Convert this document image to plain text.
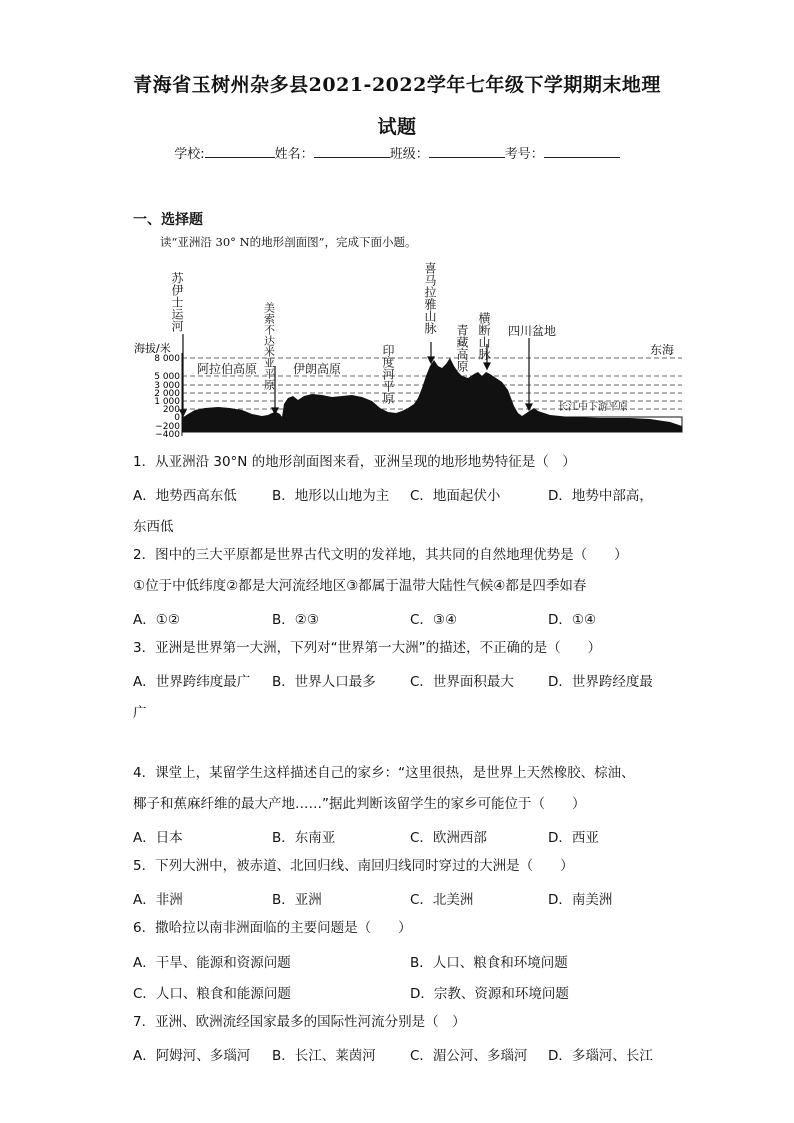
青海省玉树州杂多县2021-2022学年七年级下学期期末地理
试题
学校:	姓名：	班级：	考号：
一、选择题
读“亚洲沿 30° N的地形剖面图”，完成下面小题。
海拔/米
8 000
5 000
3 000
2 000
1 000
200
0
−200
−400
阿拉伯高原	伊朗高原
东海
长江中下游平原
四川盆地
苏伊士运河	美索不达米亚平原	印度河平原
喜马拉雅山脉
青藏高原 横断山脉
1．从亚洲沿 30°N 的地形剖面图来看，亚洲呈现的地形地势特征是（　）
A．地势西高东低	B．地形以山地为主 C．地面起伏小	D．地势中部高，
东西低
2．图中的三大平原都是世界古代文明的发祥地，其共同的自然地理优势是（　　）
①位于中低纬度②都是大河流经地区③都属于温带大陆性气候④都是四季如春
A．①②	B．②③	C．③④	D．①④
3．亚洲是世界第一大洲，下列对“世界第一大洲”的描述，不正确的是（　　）
A．世界跨纬度最广 B．世界人口最多	C．世界面积最大	D．世界跨经度最
广
4．课堂上，某留学生这样描述自己的家乡：“这里很热，是世界上天然橡胶、棕油、
椰子和蕉麻纤维的最大产地……”据此判断该留学生的家乡可能位于（　　）
A．日本	B．东南亚	C．欧洲西部	D．西亚
5．下列大洲中，被赤道、北回归线、南回归线同时穿过的大洲是（　　）
A．非洲	B．亚洲	C．北美洲	D．南美洲
6．撒哈拉以南非洲面临的主要问题是（　　）
A．干旱、能源和资源问题	B．人口、粮食和环境问题
C．人口、粮食和能源问题	D．宗教、资源和环境问题
7．亚洲、欧洲流经国家最多的国际性河流分别是（　）
A．阿姆河、多瑙河 B．长江、莱茵河	C．湄公河、多瑙河 D．多瑙河、长江
